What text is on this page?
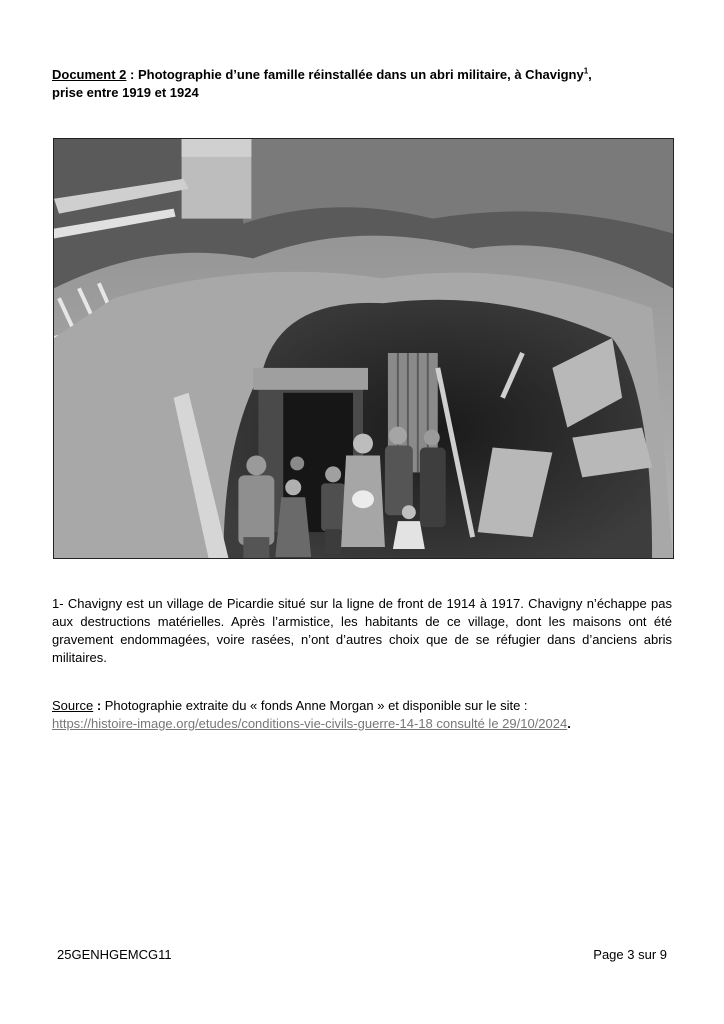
Document 2 : Photographie d’une famille réinstallée dans un abri militaire, à Chavigny$^1$,
prise entre 1919 et 1924
1- Chavigny est un village de Picardie situé sur la ligne de front de 1914 à 1917. Chavigny n’échappe pas aux destructions matérielles. Après l’armistice, les habitants de ce village, dont les maisons ont été gravement endommagées, voire rasées, n’ont d’autres choix que de se réfugier dans d’anciens abris militaires.
Source : Photographie extraite du « fonds Anne Morgan » et disponible sur le site :
https://histoire-image.org/etudes/conditions-vie-civils-guerre-14-18 consulté le 29/10/2024.
25GENHGEMCG11	Page 3 sur 9
